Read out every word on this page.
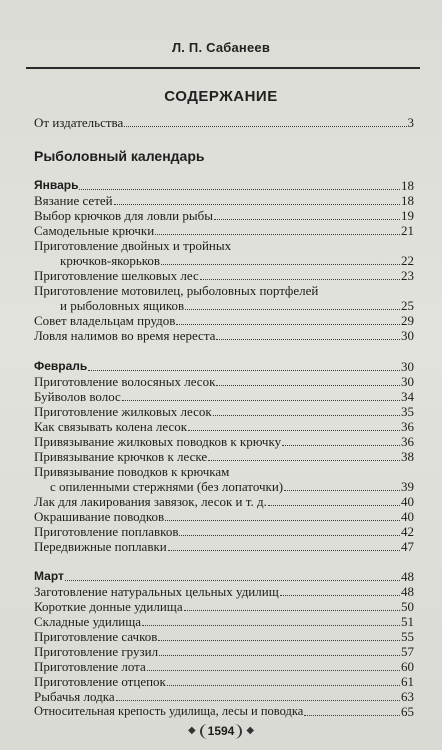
Л. П. Сабанеев
СОДЕРЖАНИЕ
От издательства	3
Рыболовный календарь
Январь	18
Вязание сетей	18
Выбор крючков для ловли рыбы	19
Самодельные крючки	21
Приготовление двойных и тройных
крючков-якорьков	22
Приготовление шелковых лес	23
Приготовление мотовилец, рыболовных портфелей
и рыболовных ящиков	25
Совет владельцам прудов	29
Ловля налимов во время нереста	30
Февраль	30
Приготовление волосяных лесок	30
Буйволов волос	34
Приготовление жилковых лесок	35
Как связывать колена лесок	36
Привязывание жилковых поводков к крючку	36
Привязывание крючков к леске	38
Привязывание поводков к крючкам
с опиленными стержнями (без лопаточки)	39
Лак для лакирования завязок, лесок и т. д.	40
Окрашивание поводков	40
Приготовление поплавков	42
Передвижные поплавки	47
Март	48
Заготовление натуральных цельных удилищ	48
Короткие донные удилища	50
Складные удилища	51
Приготовление сачков	55
Приготовление грузил	57
Приготовление лота	60
Приготовление отцепок	61
Рыбачья лодка	63
Относительная крепость удилища, лесы и поводка	65
◆	1594	◆
